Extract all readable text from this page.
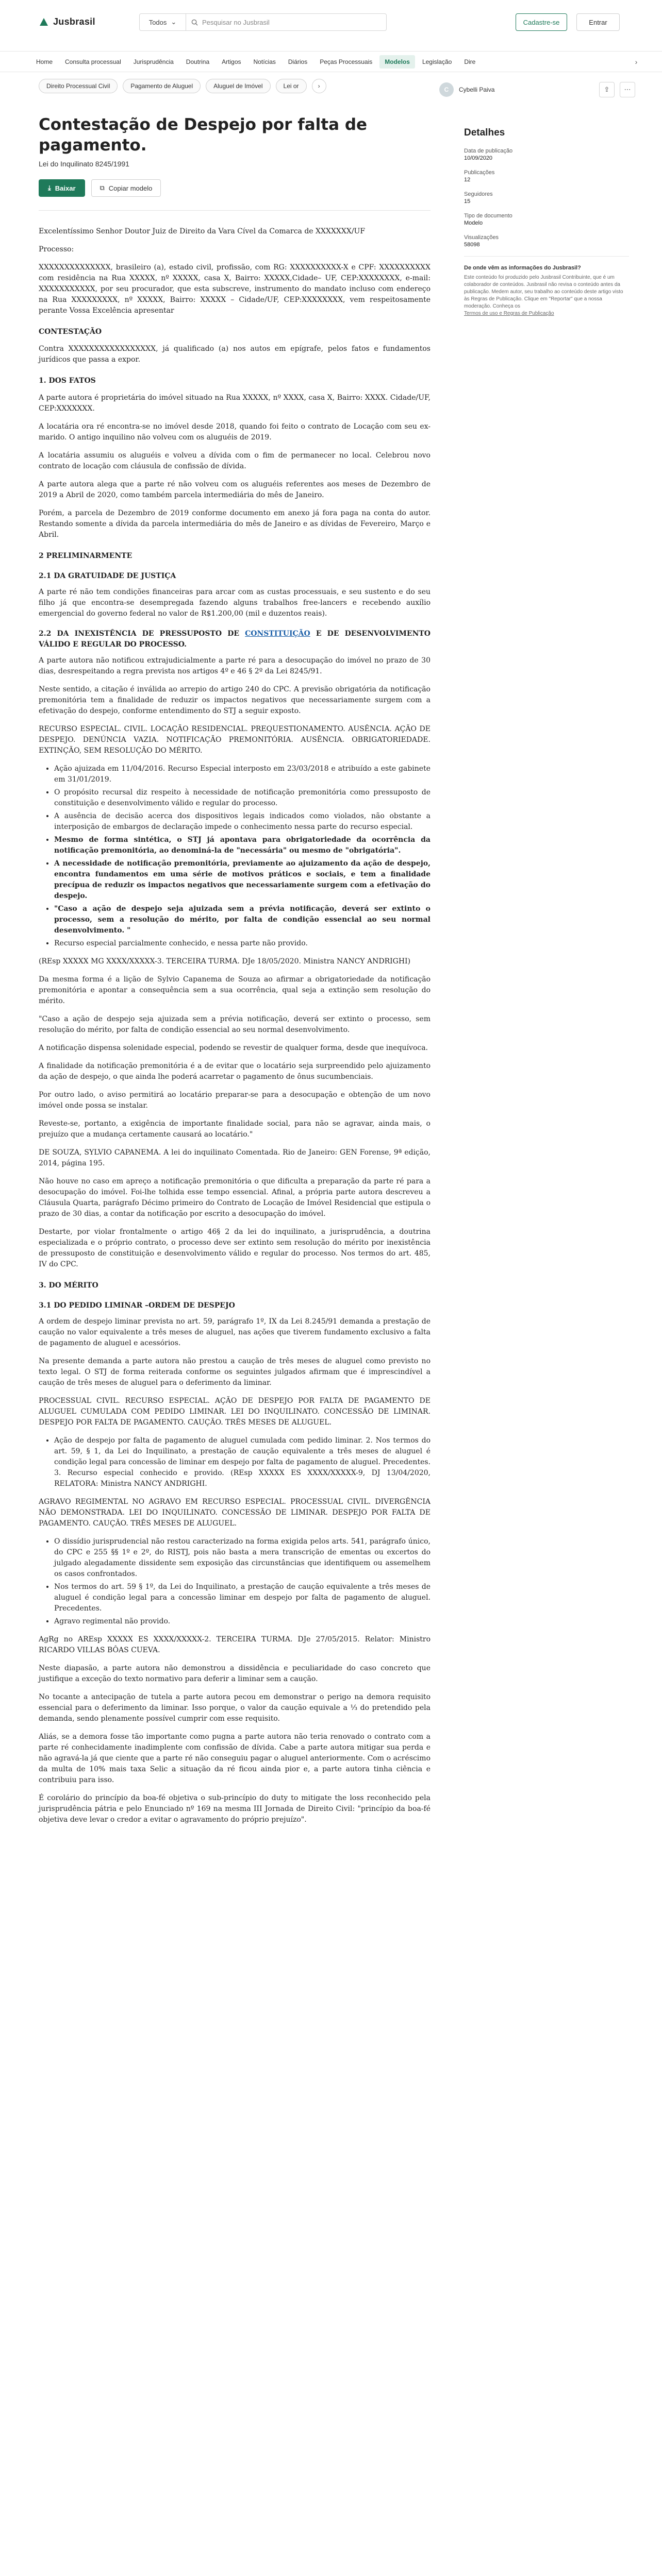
Jusbrasil	Todos ⌄	Pesquisar no Jusbrasil	Cadastre-se	Entrar
Home	Consulta processual	Jurisprudência	Doutrina	Artigos	Notícias	Diários	Peças Processuais	Modelos	Legislação	Dire	›
Direito Processual Civil	Pagamento de Aluguel	Aluguel de Imóvel	Lei or	›
Contestação de Despejo por falta de pagamento.
Lei do Inquilinato 8245/1991
⤓ Baixar	⧉ Copiar modelo

Excelentíssimo Senhor Doutor Juiz de Direito da Vara Cível da Comarca de XXXXXXX/UF

Processo:

XXXXXXXXXXXXXX, brasileiro (a), estado civil, profissão, com RG: XXXXXXXXXX-X e CPF: XXXXXXXXXX com residência na Rua XXXXX, nº XXXXX, casa X, Bairro: XXXXX,Cidade– UF, CEP:XXXXXXXX, e-mail: XXXXXXXXXXX, por seu procurador, que esta subscreve, instrumento do mandato incluso com endereço na Rua XXXXXXXXX, nº XXXXX, Bairro: XXXXX – Cidade/UF, CEP:XXXXXXXX, vem respeitosamente perante Vossa Excelência apresentar

CONTESTAÇÃO

Contra XXXXXXXXXXXXXXXXX, já qualificado (a) nos autos em epígrafe, pelos fatos e fundamentos jurídicos que passa a expor.

1. DOS FATOS

A parte autora é proprietária do imóvel situado na Rua XXXXX, nº XXXX, casa X, Bairro: XXXX. Cidade/UF, CEP:XXXXXXX.

A locatária ora ré encontra-se no imóvel desde 2018, quando foi feito o contrato de Locação com seu ex-marido. O antigo inquilino não volveu com os aluguéis de 2019.

A locatária assumiu os aluguéis e volveu a dívida com o fim de permanecer no local. Celebrou novo contrato de locação com cláusula de confissão de dívida.

A parte autora alega que a parte ré não volveu com os aluguéis referentes aos meses de Dezembro de 2019 a Abril de 2020, como também parcela intermediária do mês de Janeiro.

Porém, a parcela de Dezembro de 2019 conforme documento em anexo já fora paga na conta do autor. Restando somente a dívida da parcela intermediária do mês de Janeiro e as dívidas de Fevereiro, Março e Abril.

2 PRELIMINARMENTE

2.1 DA GRATUIDADE DE JUSTIÇA

A parte ré não tem condições financeiras para arcar com as custas processuais, e seu sustento e do seu filho já que encontra-se desempregada fazendo alguns trabalhos free-lancers e recebendo auxílio emergencial do governo federal no valor de R$1.200,00 (mil e duzentos reais).

2.2 DA INEXISTÊNCIA DE PRESSUPOSTO DE CONSTITUIÇÃO E DE DESENVOLVIMENTO VÁLIDO E REGULAR DO PROCESSO.

A parte autora não notificou extrajudicialmente a parte ré para a desocupação do imóvel no prazo de 30 dias, desrespeitando a regra prevista nos artigos 4º e 46 § 2º da Lei 8245/91.

Neste sentido, a citação é inválida ao arrepio do artigo 240 do CPC. A previsão obrigatória da notificação premonitória tem a finalidade de reduzir os impactos negativos que necessariamente surgem com a efetivação do despejo, conforme entendimento do STJ a seguir exposto.

RECURSO ESPECIAL. CIVIL. LOCAÇÃO RESIDENCIAL. PREQUESTIONAMENTO. AUSÊNCIA. AÇÃO DE DESPEJO. DENÚNCIA VAZIA. NOTIFICAÇÃO PREMONITÓRIA. AUSÊNCIA. OBRIGATORIEDADE. EXTINÇÃO, SEM RESOLUÇÃO DO MÉRITO.

• Ação ajuizada em 11/04/2016. Recurso Especial interposto em 23/03/2018 e atribuído a este gabinete em 31/01/2019.
• O propósito recursal diz respeito à necessidade de notificação premonitória como pressuposto de constituição e desenvolvimento válido e regular do processo.
• A ausência de decisão acerca dos dispositivos legais indicados como violados, não obstante a interposição de embargos de declaração impede o conhecimento nessa parte do recurso especial.
• Mesmo de forma sintética, o STJ já apontava para obrigatoriedade da ocorrência da notificação premonitória, ao denominá-la de "necessária" ou mesmo de "obrigatória".
• A necessidade de notificação premonitória, previamente ao ajuizamento da ação de despejo, encontra fundamentos em uma série de motivos práticos e sociais, e tem a finalidade precípua de reduzir os impactos negativos que necessariamente surgem com a efetivação do despejo.
• "Caso a ação de despejo seja ajuizada sem a prévia notificação, deverá ser extinto o processo, sem a resolução do mérito, por falta de condição essencial ao seu normal desenvolvimento. "
• Recurso especial parcialmente conhecido, e nessa parte não provido.

(REsp XXXXX MG XXXX/XXXXX-3. TERCEIRA TURMA. DJe 18/05/2020. Ministra NANCY ANDRIGHI)

Da mesma forma é a lição de Sylvio Capanema de Souza ao afirmar a obrigatoriedade da notificação premonitória e apontar a consequência sem a sua ocorrência, qual seja a extinção sem resolução do mérito.

"Caso a ação de despejo seja ajuizada sem a prévia notificação, deverá ser extinto o processo, sem resolução do mérito, por falta de condição essencial ao seu normal desenvolvimento.

A notificação dispensa solenidade especial, podendo se revestir de qualquer forma, desde que inequívoca.

A finalidade da notificação premonitória é a de evitar que o locatário seja surpreendido pelo ajuizamento da ação de despejo, o que ainda lhe poderá acarretar o pagamento de ônus sucumbenciais.

Por outro lado, o aviso permitirá ao locatário preparar-se para a desocupação e obtenção de um novo imóvel onde possa se instalar.

Reveste-se, portanto, a exigência de importante finalidade social, para não se agravar, ainda mais, o prejuízo que a mudança certamente causará ao locatário."

DE SOUZA, SYLVIO CAPANEMA. A lei do inquilinato Comentada. Rio de Janeiro: GEN Forense, 9ª edição, 2014, página 195.

Não houve no caso em apreço a notificação premonitória o que dificulta a preparação da parte ré para a desocupação do imóvel. Foi-lhe tolhida esse tempo essencial. Afinal, a própria parte autora descreveu a Cláusula Quarta, parágrafo Décimo primeiro do Contrato de Locação de Imóvel Residencial que estipula o prazo de 30 dias, a contar da notificação por escrito a desocupação do imóvel.

Destarte, por violar frontalmente o artigo 46§ 2 da lei do inquilinato, a jurisprudência, a doutrina especializada e o próprio contrato, o processo deve ser extinto sem resolução do mérito por inexistência de pressuposto de constituição e desenvolvimento válido e regular do processo. Nos termos do art. 485, IV do CPC.

3. DO MÉRITO

3.1 DO PEDIDO LIMINAR –ORDEM DE DESPEJO

A ordem de despejo liminar prevista no art. 59, parágrafo 1º, IX da Lei 8.245/91 demanda a prestação de caução no valor equivalente a três meses de aluguel, nas ações que tiverem fundamento exclusivo a falta de pagamento de aluguel e acessórios.

Na presente demanda a parte autora não prestou a caução de três meses de aluguel como previsto no texto legal. O STJ de forma reiterada conforme os seguintes julgados afirmam que é imprescindível a caução de três meses de aluguel para o deferimento da liminar.

PROCESSUAL CIVIL. RECURSO ESPECIAL. AÇÃO DE DESPEJO POR FALTA DE PAGAMENTO DE ALUGUEL CUMULADA COM PEDIDO LIMINAR. LEI DO INQUILINATO. CONCESSÃO DE LIMINAR. DESPEJO POR FALTA DE PAGAMENTO. CAUÇÃO. TRÊS MESES DE ALUGUEL.

• Ação de despejo por falta de pagamento de aluguel cumulada com pedido liminar. 2. Nos termos do art. 59, § 1, da Lei do Inquilinato, a prestação de caução equivalente a três meses de aluguel é condição legal para concessão de liminar em despejo por falta de pagamento de aluguel. Precedentes. 3. Recurso especial conhecido e provido. (REsp XXXXX ES XXXX/XXXXX-9, DJ 13/04/2020, RELATORA: Ministra NANCY ANDRIGHI.

AGRAVO REGIMENTAL NO AGRAVO EM RECURSO ESPECIAL. PROCESSUAL CIVIL. DIVERGÊNCIA NÃO DEMONSTRADA. LEI DO INQUILINATO. CONCESSÃO DE LIMINAR. DESPEJO POR FALTA DE PAGAMENTO. CAUÇÃO. TRÊS MESES DE ALUGUEL.

• O dissídio jurisprudencial não restou caracterizado na forma exigida pelos arts. 541, parágrafo único, do CPC e 255 §§ 1º e 2º, do RISTJ, pois não basta a mera transcrição de ementas ou excertos do julgado alegadamente dissidente sem exposição das circunstâncias que identifiquem ou assemelhem os casos confrontados.
• Nos termos do art. 59 § 1º, da Lei do Inquilinato, a prestação de caução equivalente a três meses de aluguel é condição legal para a concessão liminar em despejo por falta de pagamento de aluguel. Precedentes.
• Agravo regimental não provido.

AgRg no AREsp XXXXX ES XXXX/XXXXX-2. TERCEIRA TURMA. DJe 27/05/2015. Relator: Ministro RICARDO VILLAS BÔAS CUEVA.

Neste diapasão, a parte autora não demonstrou a dissidência e peculiaridade do caso concreto que justifique a exceção do texto normativo para deferir a liminar sem a caução.

No tocante a antecipação de tutela a parte autora pecou em demonstrar o perigo na demora requisito essencial para o deferimento da liminar. Isso porque, o valor da caução equivale a ⅓ do pretendido pela demanda, sendo plenamente possível cumprir com esse requisito.

Aliás, se a demora fosse tão importante como pugna a parte autora não teria renovado o contrato com a parte ré conhecidamente inadimplente com confissão de dívida. Cabe a parte autora mitigar sua perda e não agravá-la já que ciente que a parte ré não conseguiu pagar o aluguel anteriormente. Com o acréscimo da multa de 10% mais taxa Selic a situação da ré ficou ainda pior e, a parte autora tinha ciência e contribuiu para isso.

É corolário do princípio da boa-fé objetiva o sub-princípio do duty to mitigate the loss reconhecido pela jurisprudência pátria e pelo Enunciado nº 169 na mesma III Jornada de Direito Civil: "princípio da boa-fé objetiva deve levar o credor a evitar o agravamento do próprio prejuízo".

C	Cybelli Paiva	⇪	⋯
Detalhes
Data de publicação
10/09/2020
Publicações
12
Seguidores
15
Tipo de documento
Modelo
Visualizações
58098
De onde vêm as informações do Jusbrasil?
Este conteúdo foi produzido pelo Jusbrasil Contribuinte, que é um colaborador de conteúdos. Jusbrasil não revisa o conteúdo antes da publicação. Medem autor, seu trabalho ao conteúdo deste artigo visto às Regras de Publicação. Clique em "Reportar" que a nossa moderação. Conheça os
Termos de uso e Regras de Publicação
